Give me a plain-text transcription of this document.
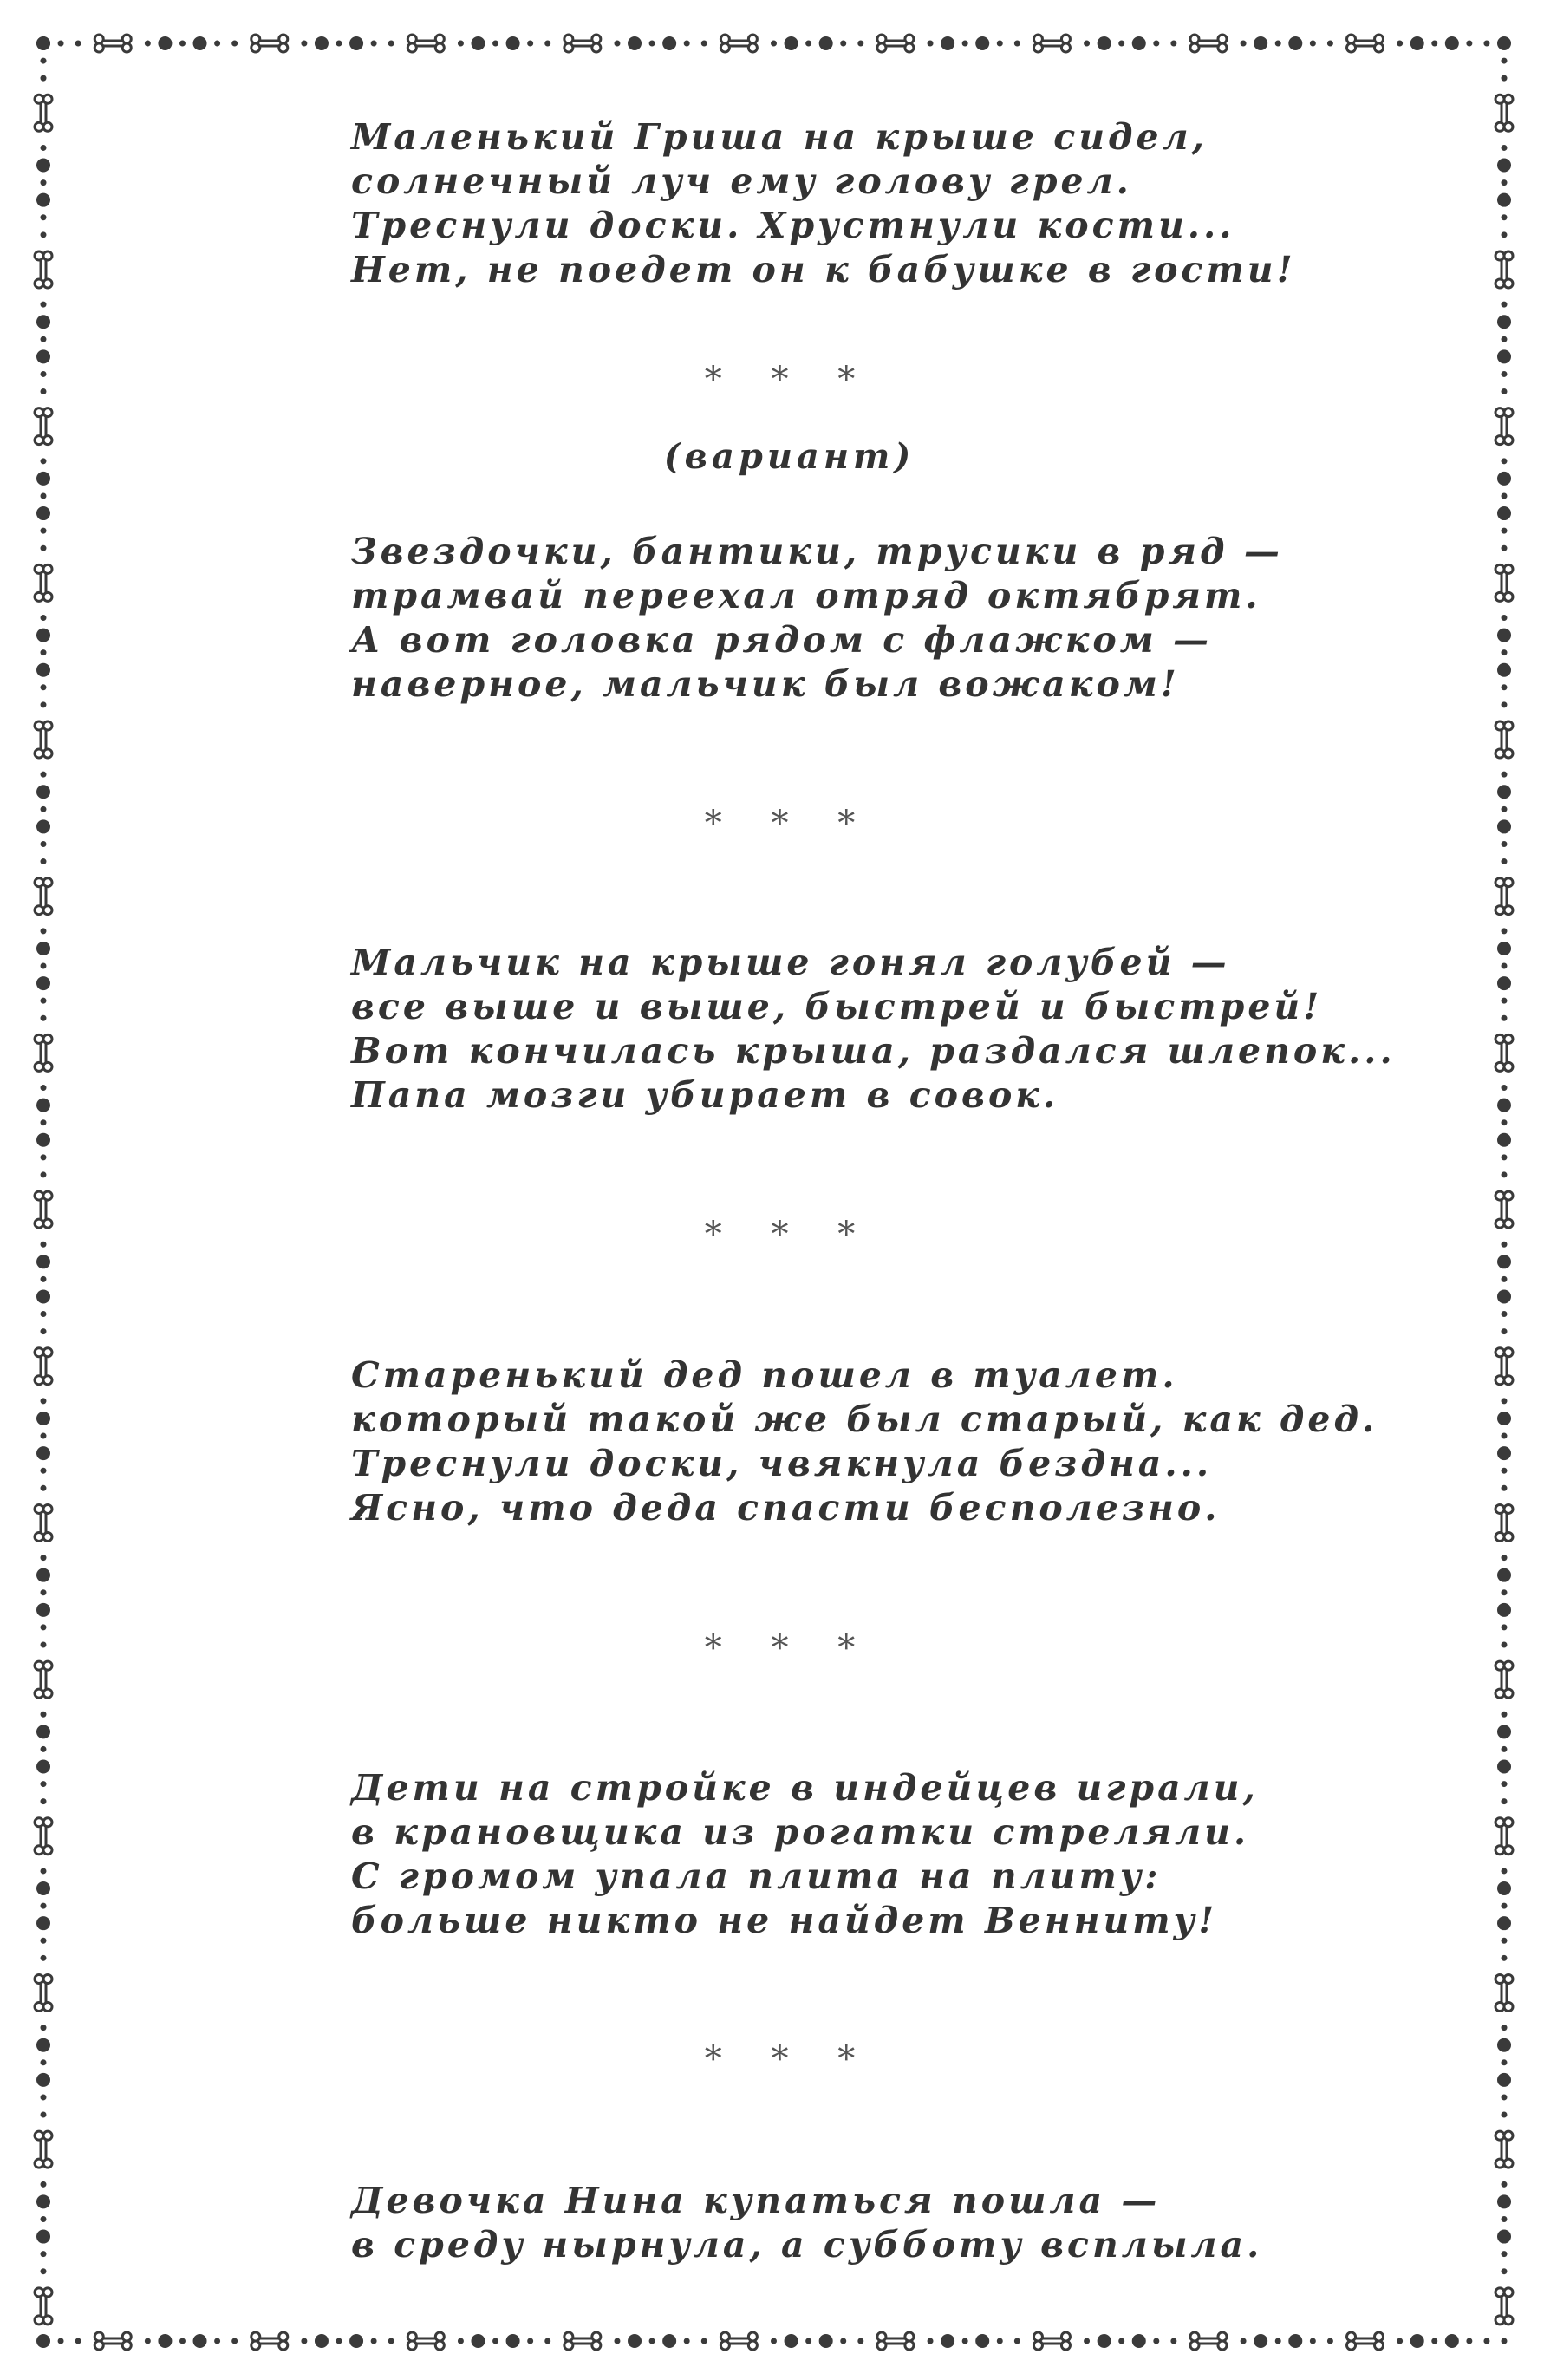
Маленький Гриша на крыше сидел,
солнечный луч ему голову грел.
Треснули доски. Хрустнули кости...
Нет, не поедет он к бабушке в гости!
* * *
(вариант)
Звездочки, бантики, трусики в ряд —
трамвай переехал отряд октябрят.
А вот головка рядом с флажком —
наверное, мальчик был вожаком!
* * *
Мальчик на крыше гонял голубей —
все выше и выше, быстрей и быстрей!
Вот кончилась крыша, раздался шлепок...
Папа мозги убирает в совок.
* * *
Старенький дед пошел в туалет.
который такой же был старый, как дед.
Треснули доски, чвякнула бездна...
Ясно, что деда спасти бесполезно.
* * *
Дети на стройке в индейцев играли,
в крановщика из рогатки стреляли.
С громом упала плита на плиту:
больше никто не найдет Венниту!
* * *
Девочка Нина купаться пошла —
в среду нырнула, а субботу всплыла.
